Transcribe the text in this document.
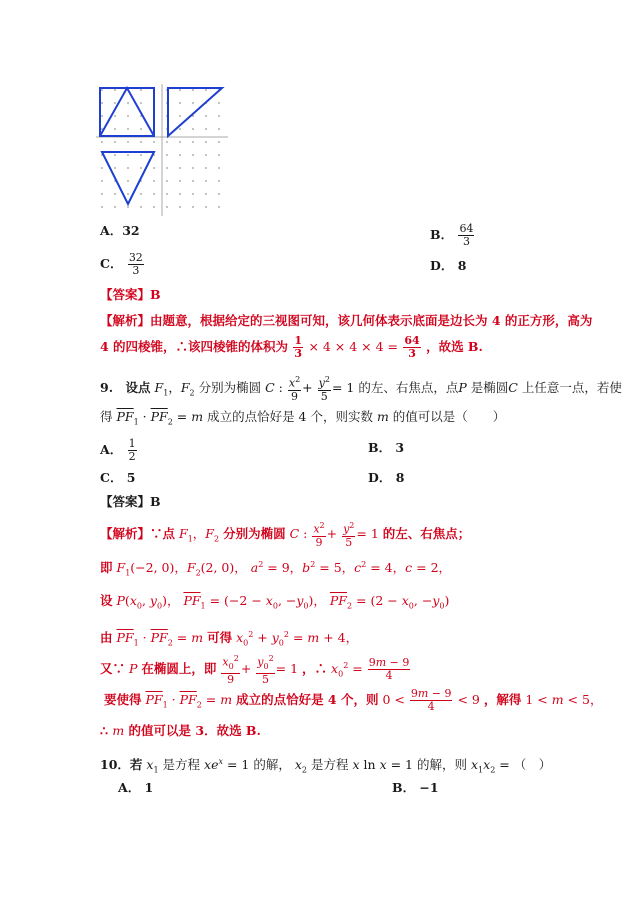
A．32	B． $\frac{64}{3}$
C． $\frac{32}{3}$	D． 8
【答案】B
【解析】由题意，根据给定的三视图可知，该几何体表示底面是边长为 4 的正方形，高为
4 的四棱锥，∴该四棱锥的体积为 $\frac{1}{3} \times 4 \times 4 \times 4 = \frac{64}{3}$ ，故选 B.
9.　设点 $F_1$，$F_2$ 分别为椭圆 C : $\frac{x^2}{9} + \frac{y^2}{5} = 1$ 的左、右焦点，点P 是椭圆C 上任意一点，若使
得 $\overline{PF}_1 \cdot \overline{PF}_2 = m$ 成立的点恰好是 4 个，则实数 m 的值可以是（　　）
A． $\frac{1}{2}$	B． 3
C． 5	D． 8
【答案】B
【解析】∵点 $F_1$，$F_2$ 分别为椭圆 C : $\frac{x^2}{9} + \frac{y^2}{5} = 1$ 的左、右焦点；
即 $F_1(-2$, 0)，$F_2(2$, 0)， $a^2 = 9$，$b^2 = 5$，$c^2 = 4$，c = 2，
设 $P(x_0$, $y_0$)， $\overline{PF}_1 = (-2 - x_0$, $-y_0$)， $\overline{PF}_2 = (2 - x_0$, $-y_0$)
由 $\overline{PF}_1 \cdot \overline{PF}_2 = m$ 可得 $x_0^2 + y_0^2 = m + 4$，
又∵ P 在椭圆上，即 $\frac{x_0^2}{9} + \frac{y_0^2}{5} = 1$ ，∴ $x_0^2 = \frac{9m - 9}{4}$
要使得 $\overline{PF}_1 \cdot \overline{PF}_2 = m$ 成立的点恰好是 4 个，则 $0 < \frac{9m - 9}{4} < 9$ ，解得 1 < m < 5，
∴ m 的值可以是 3．故选 B.
10．若 $x_1$ 是方程 $xe^x = 1$ 的解， $x_2$ 是方程 x ln x = 1 的解，则 $x_1x_2$ = （　）
A． 1	B． −1
